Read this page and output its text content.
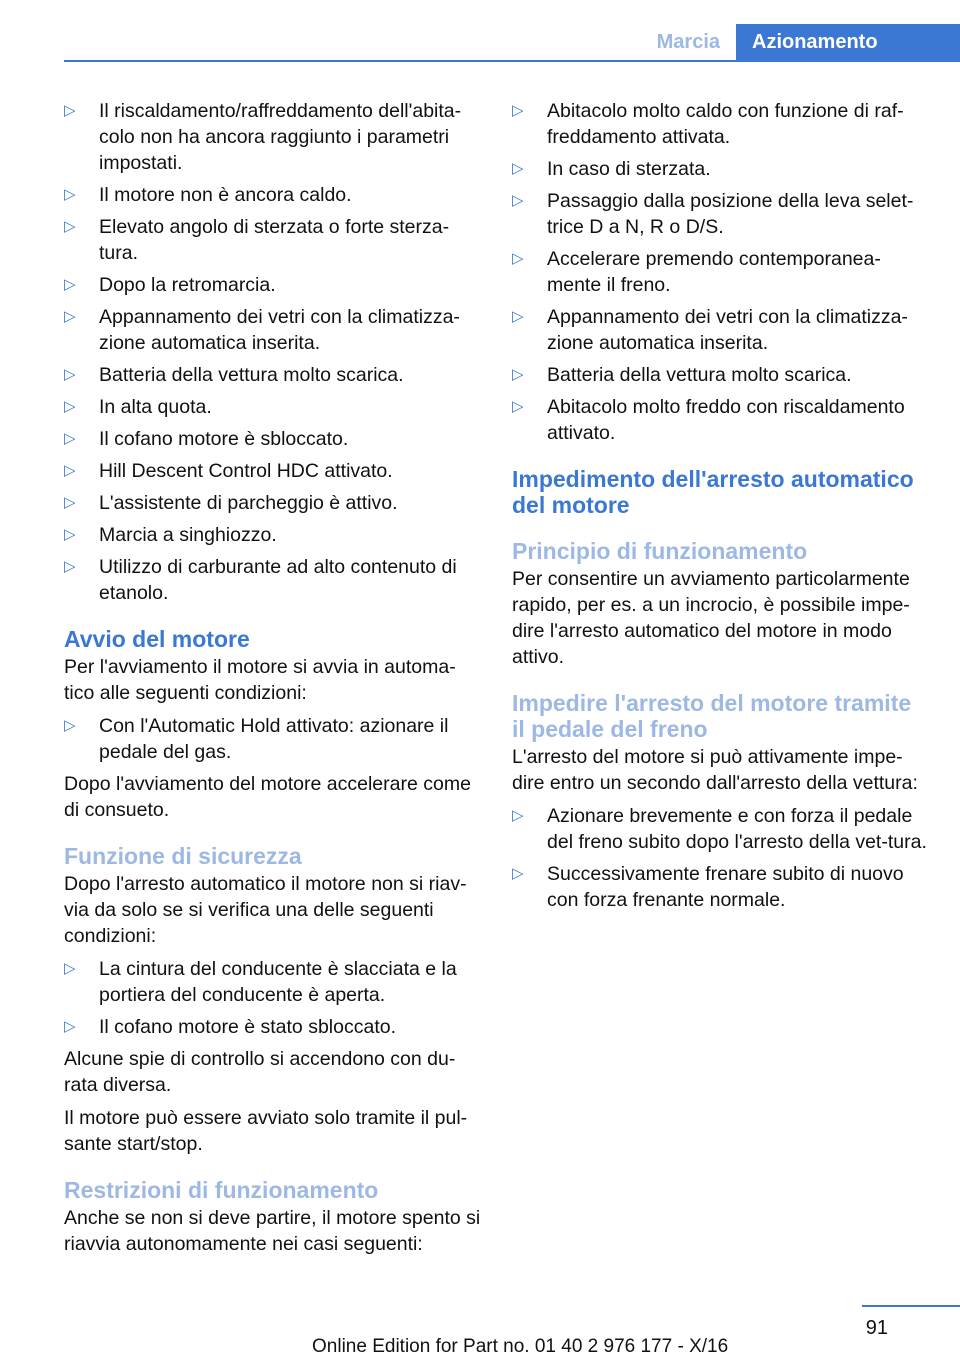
Marcia	Azionamento
▷ Il riscaldamento/raffreddamento dell'abita-colo non ha ancora raggiunto i parametri impostati.
▷ Il motore non è ancora caldo.
▷ Elevato angolo di sterzata o forte sterza-tura.
▷ Dopo la retromarcia.
▷ Appannamento dei vetri con la climatizza-zione automatica inserita.
▷ Batteria della vettura molto scarica.
▷ In alta quota.
▷ Il cofano motore è sbloccato.
▷ Hill Descent Control HDC attivato.
▷ L'assistente di parcheggio è attivo.
▷ Marcia a singhiozzo.
▷ Utilizzo di carburante ad alto contenuto di etanolo.
Avvio del motore

Per l'avviamento il motore si avvia in automa-tico alle seguenti condizioni:

▷ Con l'Automatic Hold attivato: azionare il pedale del gas.

Dopo l'avviamento del motore accelerare come di consueto.

Funzione di sicurezza

Dopo l'arresto automatico il motore non si riav-via da solo se si verifica una delle seguenti condizioni:

▷ La cintura del conducente è slacciata e la portiera del conducente è aperta.
▷ Il cofano motore è stato sbloccato.

Alcune spie di controllo si accendono con du-rata diversa.

Il motore può essere avviato solo tramite il pul-sante start/stop.

Restrizioni di funzionamento

Anche se non si deve partire, il motore spento si riavvia autonomamente nei casi seguenti:

▷ Abitacolo molto caldo con funzione di raf-freddamento attivata.
▷ In caso di sterzata.
▷ Passaggio dalla posizione della leva selet-trice D a N, R o D/S.
▷ Accelerare premendo contemporanea-mente il freno.
▷ Appannamento dei vetri con la climatizza-zione automatica inserita.
▷ Batteria della vettura molto scarica.
▷ Abitacolo molto freddo con riscaldamento attivato.
Impedimento dell'arresto automatico del motore
Principio di funzionamento

Per consentire un avviamento particolarmente rapido, per es. a un incrocio, è possibile impe-dire l'arresto automatico del motore in modo attivo.

Impedire l'arresto del motore tramite il pedale del freno

L'arresto del motore si può attivamente impe-dire entro un secondo dall'arresto della vettura:

▷ Azionare brevemente e con forza il pedale del freno subito dopo l'arresto della vet-tura.
▷ Successivamente frenare subito di nuovo con forza frenante normale.
91
Online Edition for Part no. 01 40 2 976 177 - X/16
